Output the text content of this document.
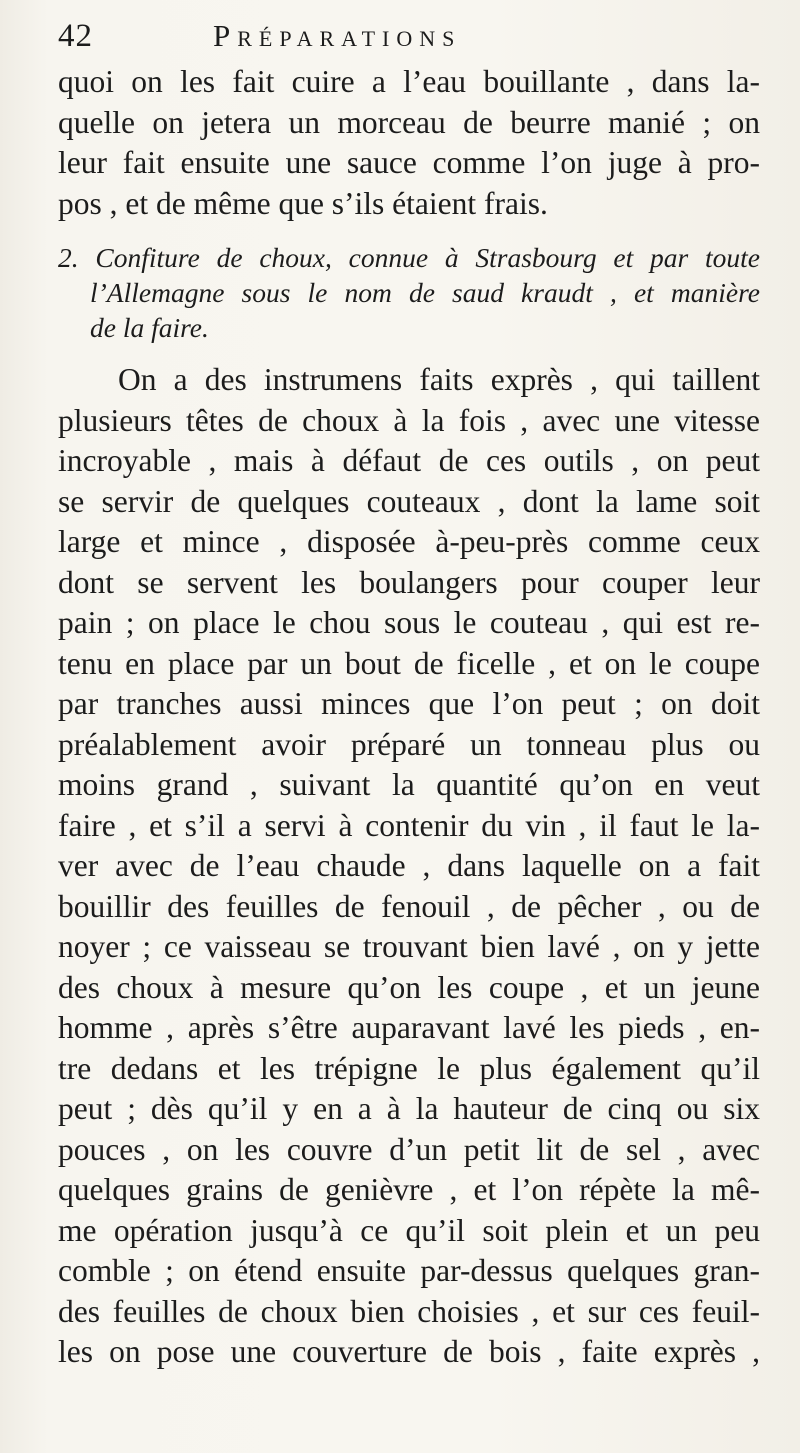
42	Préparations
quoi on les fait cuire a l’eau bouillante , dans la-
quelle on jetera un morceau de beurre manié ; on
leur fait ensuite une sauce comme l’on juge à pro-
pos , et de même que s’ils étaient frais.
2. Confiture de choux, connue à Strasbourg et par toute
l’Allemagne sous le nom de saud kraudt , et manière
de la faire.
On a des instrumens faits exprès , qui taillent
plusieurs têtes de choux à la fois , avec une vitesse
incroyable , mais à défaut de ces outils , on peut
se servir de quelques couteaux , dont la lame soit
large et mince , disposée à-peu-près comme ceux
dont se servent les boulangers pour couper leur
pain ; on place le chou sous le couteau , qui est re-
tenu en place par un bout de ficelle , et on le coupe
par tranches aussi minces que l’on peut ; on doit
préalablement avoir préparé un tonneau plus ou
moins grand , suivant la quantité qu’on en veut
faire , et s’il a servi à contenir du vin , il faut le la-
ver avec de l’eau chaude , dans laquelle on a fait
bouillir des feuilles de fenouil , de pêcher , ou de
noyer ; ce vaisseau se trouvant bien lavé , on y jette
des choux à mesure qu’on les coupe , et un jeune
homme , après s’être auparavant lavé les pieds , en-
tre dedans et les trépigne le plus également qu’il
peut ; dès qu’il y en a à la hauteur de cinq ou six
pouces , on les couvre d’un petit lit de sel , avec
quelques grains de genièvre , et l’on répète la mê-
me opération jusqu’à ce qu’il soit plein et un peu
comble ; on étend ensuite par-dessus quelques gran-
des feuilles de choux bien choisies , et sur ces feuil-
les on pose une couverture de bois , faite exprès ,
